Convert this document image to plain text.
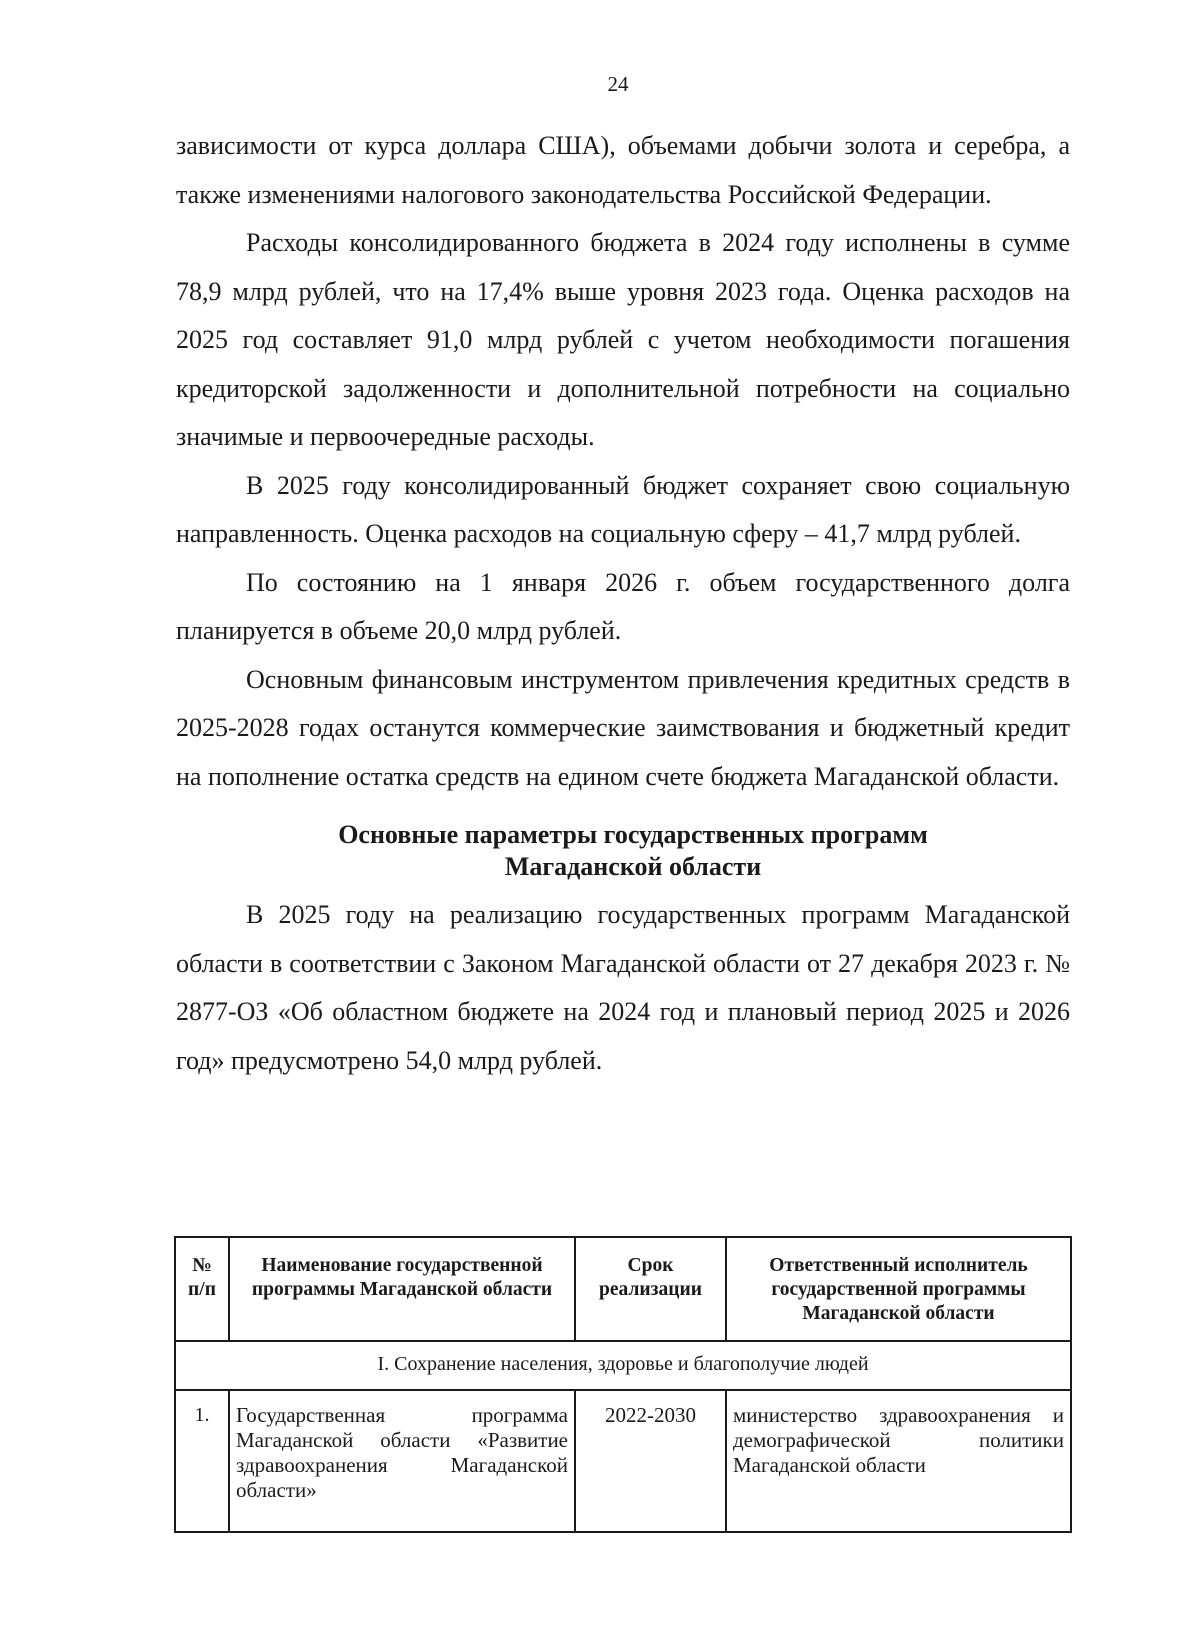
24

зависимости от курса доллара США), объемами добычи золота и серебра, а также изменениями налогового законодательства Российской Федерации.

Расходы консолидированного бюджета в 2024 году исполнены в сумме 78,9 млрд рублей, что на 17,4% выше уровня 2023 года. Оценка расходов на 2025 год составляет 91,0 млрд рублей с учетом необходимости погашения кредиторской задолженности и дополнительной потребности на социально значимые и первоочередные расходы.

В 2025 году консолидированный бюджет сохраняет свою социальную направленность. Оценка расходов на социальную сферу – 41,7 млрд рублей.

По состоянию на 1 января 2026 г. объем государственного долга планируется в объеме 20,0 млрд рублей.

Основным финансовым инструментом привлечения кредитных средств в 2025-2028 годах останутся коммерческие заимствования и бюджетный кредит на пополнение остатка средств на едином счете бюджета Магаданской области.

Основные параметры государственных программ
Магаданской области

В 2025 году на реализацию государственных программ Магаданской области в соответствии с Законом Магаданской области от 27 декабря 2023 г. № 2877-ОЗ «Об областном бюджете на 2024 год и плановый период 2025 и 2026 год» предусмотрено 54,0 млрд рублей.

№ п/п	Наименование государственной программы Магаданской области	Срок реализации	Ответственный исполнитель государственной программы Магаданской области
I. Сохранение населения, здоровье и благополучие людей			
1.	Государственная программа Магаданской области «Развитие здравоохранения Магаданской области»	2022-2030	министерство здравоохранения и демографической политики Магаданской области
